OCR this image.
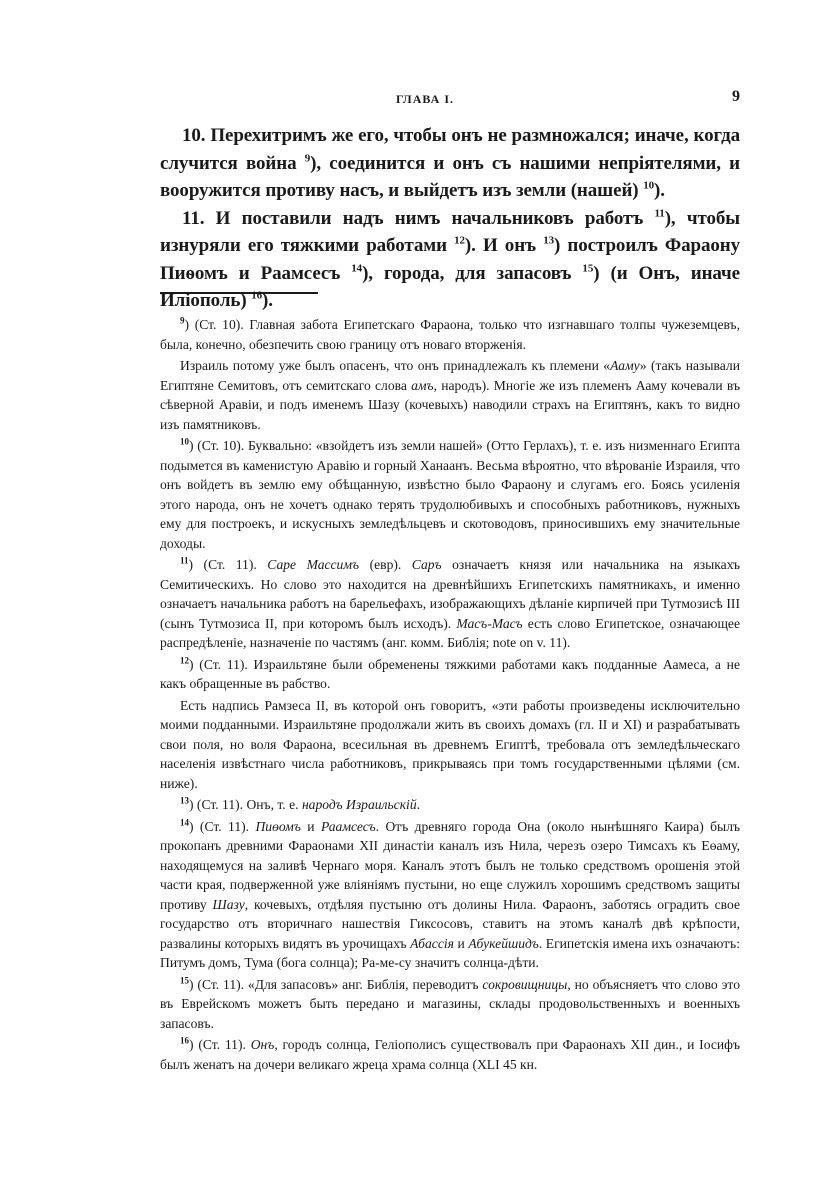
ГЛАВА I.	9

10. Перехитримъ же его, чтобы онъ не размножался; иначе, когда случится война $^9$), соединится и онъ съ нашими непріятелями, и вооружится противу насъ, и выйдетъ изъ земли (нашей) $^{10}$).

11. И поставили надъ нимъ начальниковъ работъ $^{11}$), чтобы изнуряли его тяжкими работами $^{12}$). И онъ $^{13}$) построилъ Фараону Пиѳомъ и Раамсесъ $^{14}$), города, для запасовъ $^{15}$) (и Онъ, иначе Иліополь) $^{16}$).

$^9$) (Ст. 10). Главная забота Египетскаго Фараона, только что изгнавшаго толпы чужеземцевъ, была, конечно, обезпечить свою границу отъ новаго вторженія.

Израиль потому уже былъ опасенъ, что онъ принадлежалъ къ племени «Ааму» (такъ называли Египтяне Семитовъ, отъ семитскаго слова амъ, народъ). Многіе же изъ племенъ Ааму кочевали въ сѣверной Аравіи, и подъ именемъ Шазу (кочевыхъ) наводили страхъ на Египтянъ, какъ то видно изъ памятниковъ.

$^{10}$) (Ст. 10). Буквально: «взойдетъ изъ земли нашей» (Отто Герлахъ), т. е. изъ низменнаго Египта подымется въ каменистую Аравію и горный Ханаанъ. Весьма вѣроятно, что вѣрованіе Израиля, что онъ войдетъ въ землю ему обѣщанную, извѣстно было Фараону и слугамъ его. Боясь усиленія этого народа, онъ не хочетъ однако терять трудолюбивыхъ и способныхъ работниковъ, нужныхъ ему для построекъ, и искусныхъ земледѣльцевъ и скотоводовъ, приносившихъ ему значительные доходы.

$^{11}$) (Ст. 11). Сарe Массимъ (евр). Саръ означаетъ князя или начальника на языкахъ Семитическихъ. Но слово это находится на древнѣйшихъ Египетскихъ памятникахъ, и именно означаетъ начальника работъ на барельефахъ, изображающихъ дѣланіе кирпичей при Тутмозисѣ III (сынъ Тутмозиса II, при которомъ былъ исходъ). Масъ-Масъ есть слово Египетское, означающее распредѣленіе, назначеніе по частямъ (анг. комм. Библія; note on v. 11).

$^{12}$) (Ст. 11). Израильтяне были обременены тяжкими работами какъ подданные Аамеса, а не какъ обращенные въ рабство.

Есть надпись Рамзеса II, въ которой онъ говоритъ, «эти работы произведены исключительно моими подданными. Израильтяне продолжали жить въ своихъ домахъ (гл. II и XI) и разрабатывать свои поля, но воля Фараона, всесильная въ древнемъ Египтѣ, требовала отъ земледѣльческаго населенія извѣстнаго числа работниковъ, прикрываясь при томъ государственными цѣлями (см. ниже).

$^{13}$) (Ст. 11). Онъ, т. е. народъ Израильскій.

$^{14}$) (Ст. 11). Пиѳомъ и Раамсесъ. Отъ древняго города Она (около нынѣшняго Каира) былъ прокопанъ древними Фараонами XII династіи каналъ изъ Нила, черезъ озеро Тимсахъ къ Еѳаму, находящемуся на заливѣ Чернаго моря. Каналъ этотъ былъ не только средствомъ орошенія этой части края, подверженной уже вліяніямъ пустыни, но еще служилъ хорошимъ средствомъ защиты противу Шазу, кочевыхъ, отдѣляя пустыню отъ долины Нила. Фараонъ, заботясь оградить свое государство отъ вторичнаго нашествія Гиксосовъ, ставитъ на этомъ каналѣ двѣ крѣпости, развалины которыхъ видятъ въ урочищахъ Абассія и Абукейшидъ. Египетскія имена ихъ означаютъ: Питумъ домъ, Тума (бога солнца); Ра-ме-су значитъ солнца-дѣти.

$^{15}$) (Ст. 11). «Для запасовъ» анг. Библія, переводитъ сокровищницы, но объясняетъ что слово это въ Еврейскомъ можетъ быть передано и магазины, склады продовольственныхъ и военныхъ запасовъ.

$^{16}$) (Ст. 11). Онъ, городъ солнца, Геліополисъ существовалъ при Фараонахъ XII дин., и Іосифъ былъ женатъ на дочери великаго жреца храма солнца (XLI 45 кн.
